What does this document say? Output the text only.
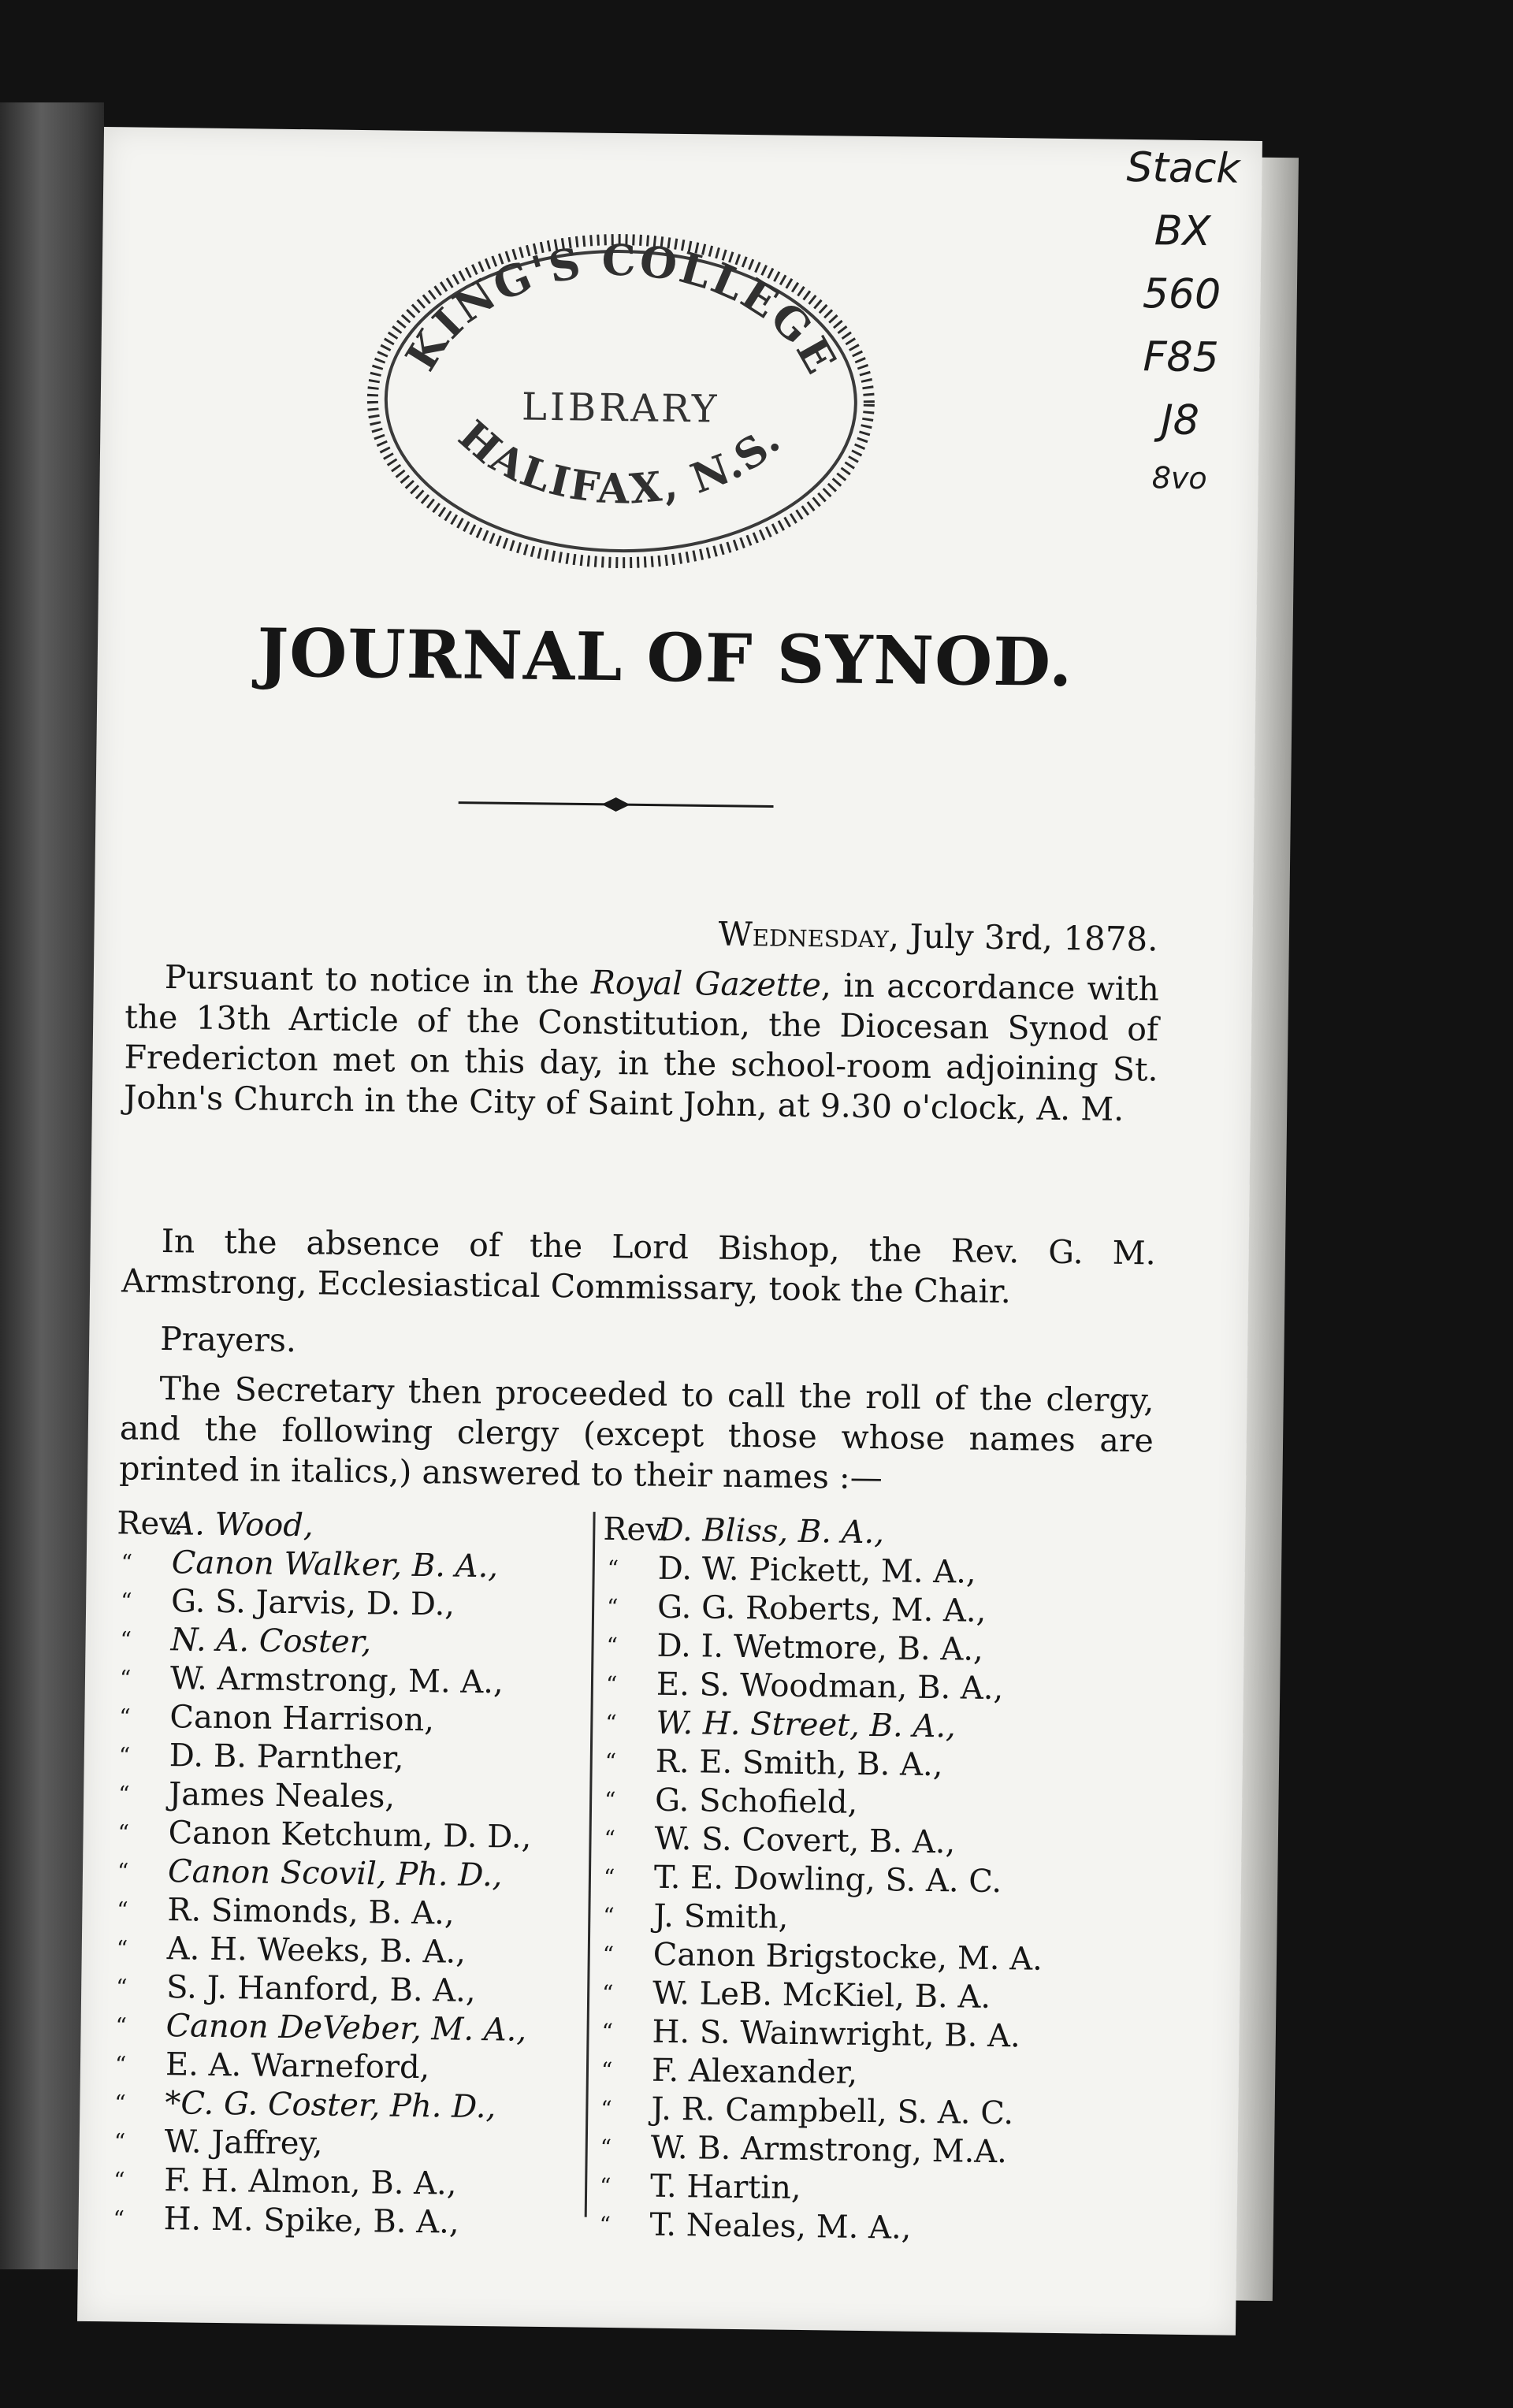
KING'S COLLEGE
LIBRARY
HALIFAX, N.S.
Stack
BX
560
F85
J8
8vo
JOURNAL OF SYNOD.
Wednesday, July 3rd, 1878.
Pursuant to notice in the Royal Gazette, in accordance with the 13th Article of the Constitution, the Diocesan Synod of Fredericton met on this day, in the school-room adjoining St. John's Church in the City of Saint John, at 9.30 o'clock, A. M.
In the absence of the Lord Bishop, the Rev. G. M. Armstrong, Ecclesiastical Commissary, took the Chair.
Prayers.
The Secretary then proceeded to call the roll of the clergy, and the following clergy (except those whose names are printed in italics,) answered to their names :—
Rev.A. Wood,
“ Canon Walker, B. A.,
“ G. S. Jarvis, D. D.,
“ N. A. Coster,
“ W. Armstrong, M. A.,
“ Canon Harrison,
“ D. B. Parnther,
“ James Neales,
“ Canon Ketchum, D. D.,
“ Canon Scovil, Ph. D.,
“ R. Simonds, B. A.,
“ A. H. Weeks, B. A.,
“ S. J. Hanford, B. A.,
“ Canon DeVeber, M. A.,
“ E. A. Warneford,
“ *C. G. Coster, Ph. D.,
“ W. Jaffrey,
“ F. H. Almon, B. A.,
“ H. M. Spike, B. A.,
Rev.D. Bliss, B. A.,
“ D. W. Pickett, M. A.,
“ G. G. Roberts, M. A.,
“ D. I. Wetmore, B. A.,
“ E. S. Woodman, B. A.,
“ W. H. Street, B. A.,
“ R. E. Smith, B. A.,
“ G. Schofield,
“ W. S. Covert, B. A.,
“ T. E. Dowling, S. A. C.
“ J. Smith,
“ Canon Brigstocke, M. A.
“ W. LeB. McKiel, B. A.
“ H. S. Wainwright, B. A.
“ F. Alexander,
“ J. R. Campbell, S. A. C.
“ W. B. Armstrong, M.A.
“ T. Hartin,
“ T. Neales, M. A.,
